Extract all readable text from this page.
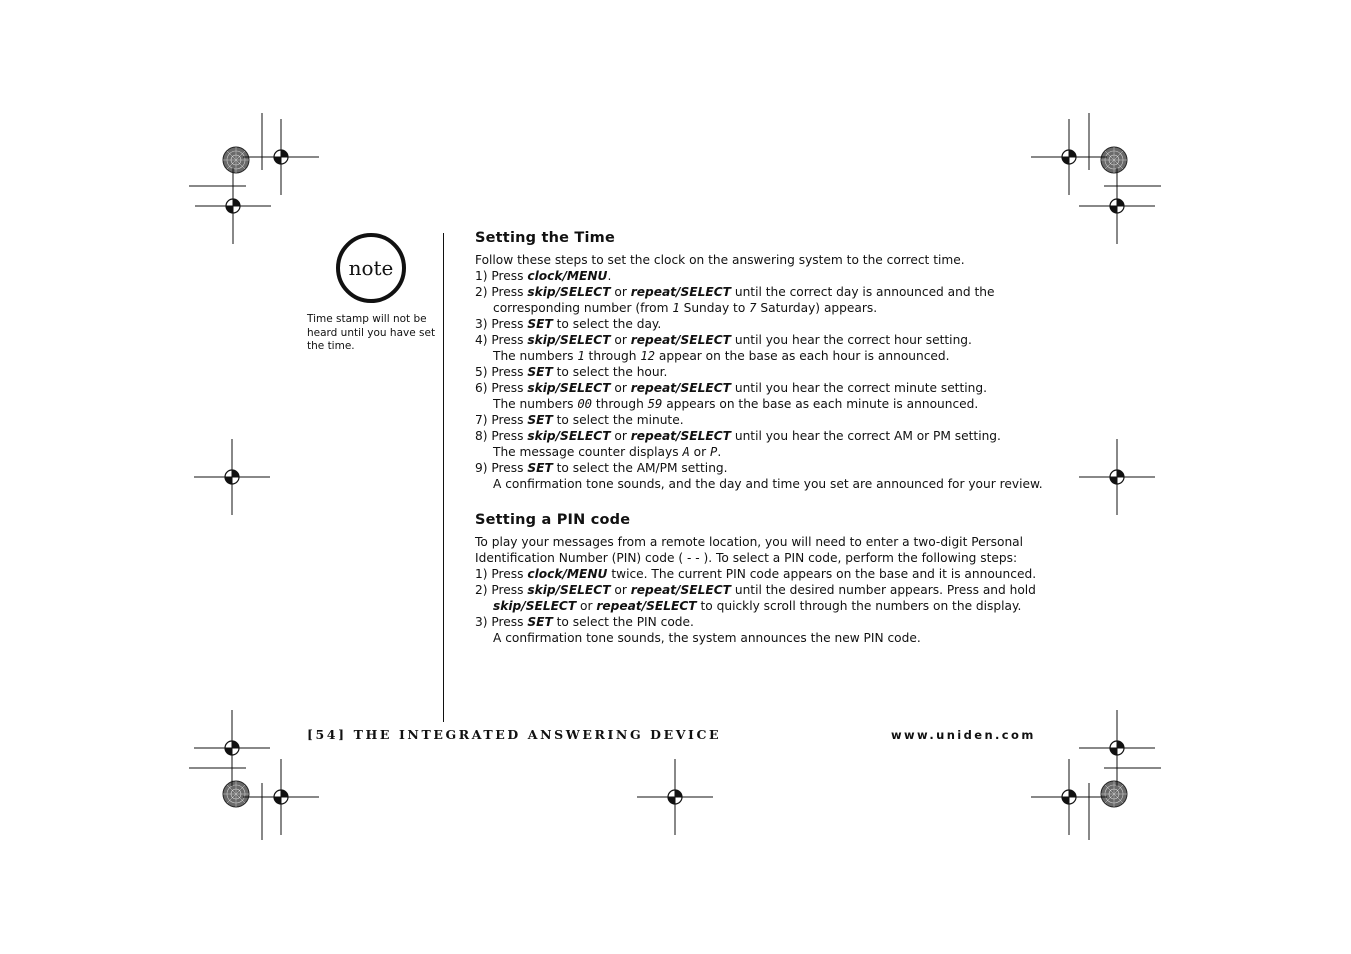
note
Time stamp will not be heard until you have set the time.
Setting the Time

Follow these steps to set the clock on the answering system to the correct time.

1) Press clock/MENU.
2) Press skip/SELECT or repeat/SELECT until the correct day is announced and the corresponding number (from 1 Sunday to 7 Saturday) appears.
3) Press SET to select the day.
4) Press skip/SELECT or repeat/SELECT until you hear the correct hour setting.
The numbers 1 through 12 appear on the base as each hour is announced.
5) Press SET to select the hour.
6) Press skip/SELECT or repeat/SELECT until you hear the correct minute setting.
The numbers 00 through 59 appears on the base as each minute is announced.
7) Press SET to select the minute.
8) Press skip/SELECT or repeat/SELECT until you hear the correct AM or PM setting.
The message counter displays A or P.
9) Press SET to select the AM/PM setting.
A confirmation tone sounds, and the day and time you set are announced for your review.
Setting a PIN code

To play your messages from a remote location, you will need to enter a two-digit Personal Identification Number (PIN) code ( - - ). To select a PIN code, perform the following steps:

1) Press clock/MENU twice. The current PIN code appears on the base and it is announced.
2) Press skip/SELECT or repeat/SELECT until the desired number appears. Press and hold skip/SELECT or repeat/SELECT to quickly scroll through the numbers on the display.
3) Press SET to select the PIN code.
A confirmation tone sounds, the system announces the new PIN code.
[54] THE INTEGRATED ANSWERING DEVICE	www.uniden.com
